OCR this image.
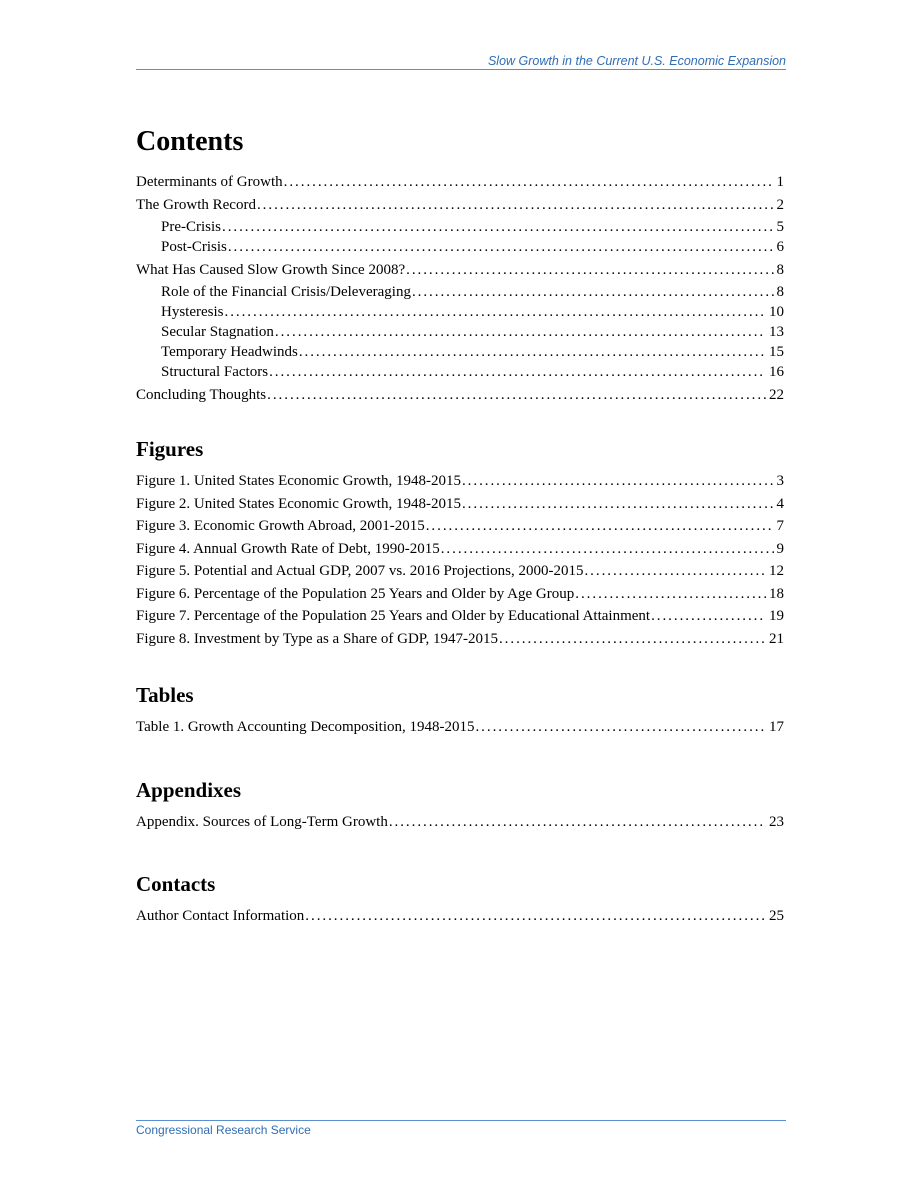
Slow Growth in the Current U.S. Economic Expansion
Contents
Determinants of Growth . . .	1
The Growth Record . . .	2
Pre-Crisis . . .	5
Post-Crisis . . .	6
What Has Caused Slow Growth Since 2008? . . .	8
Role of the Financial Crisis/Deleveraging . . .	8
Hysteresis . . .	10
Secular Stagnation . . .	13
Temporary Headwinds . . .	15
Structural Factors . . .	16
Concluding Thoughts . . .	22
Figures
Figure 1. United States Economic Growth, 1948-2015 . . .	3
Figure 2. United States Economic Growth, 1948-2015 . . .	4
Figure 3. Economic Growth Abroad, 2001-2015 . . .	7
Figure 4. Annual Growth Rate of Debt, 1990-2015 . . .	9
Figure 5. Potential and Actual GDP, 2007 vs. 2016 Projections, 2000-2015 . . .	12
Figure 6. Percentage of the Population 25 Years and Older by Age Group . . .	18
Figure 7. Percentage of the Population 25 Years and Older by Educational Attainment . . .	19
Figure 8. Investment by Type as a Share of GDP, 1947-2015 . . .	21
Tables
Table 1. Growth Accounting Decomposition, 1948-2015 . . .	17
Appendixes
Appendix. Sources of Long-Term Growth . . .	23
Contacts
Author Contact Information . . .	25
Congressional Research Service
